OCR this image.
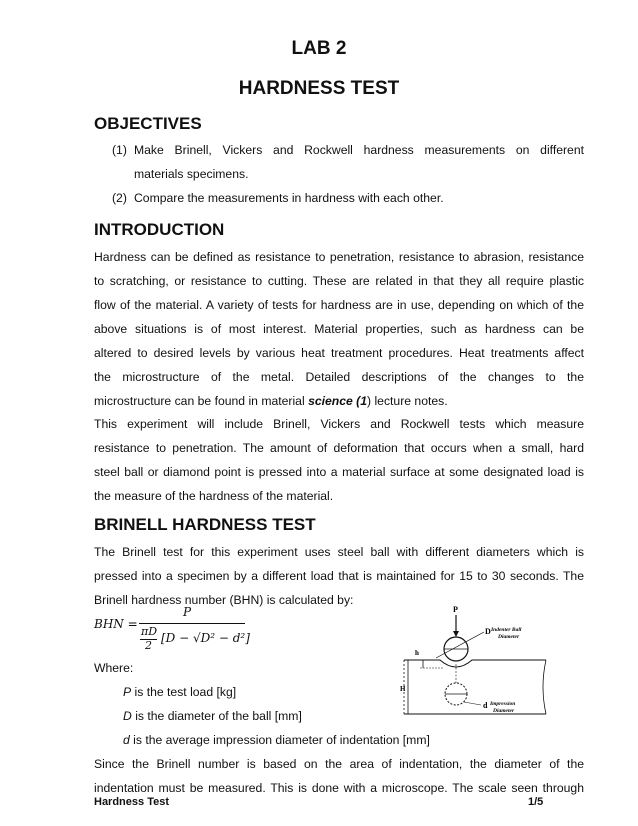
LAB 2
HARDNESS TEST
OBJECTIVES
(1) Make Brinell, Vickers and Rockwell hardness measurements on different
materials specimens.
(2) Compare the measurements in hardness with each other.
INTRODUCTION
Hardness can be defined as resistance to penetration, resistance to abrasion, resistance
to scratching, or resistance to cutting. These are related in that they all require plastic
flow of the material. A variety of tests for hardness are in use, depending on which of the
above situations is of most interest. Material properties, such as hardness can be
altered to desired levels by various heat treatment procedures. Heat treatments affect
the microstructure of the metal. Detailed descriptions of the changes to the
microstructure can be found in material science (1) lecture notes.
This experiment will include Brinell, Vickers and Rockwell tests which measure
resistance to penetration. The amount of deformation that occurs when a small, hard
steel ball or diamond point is pressed into a material surface at some designated load is
the measure of the hardness of the material.
BRINELL HARDNESS TEST
The Brinell test for this experiment uses steel ball with different diameters which is
pressed into a specimen by a different load that is maintained for 15 to 30 seconds. The
Brinell hardness number (BHN) is calculated by:
BHN =
P
πD
2
[D − √D² − d²]
Where:
P is the test load [kg]
D is the diameter of the ball [mm]
d is the average impression diameter of indentation [mm]
Since the Brinell number is based on the area of indentation, the diameter of the
indentation must be measured. This is done with a microscope. The scale seen through
P
D Indenter Ball
Diameter
H
h
d Impression
Diameter
Hardness Test	1/5
